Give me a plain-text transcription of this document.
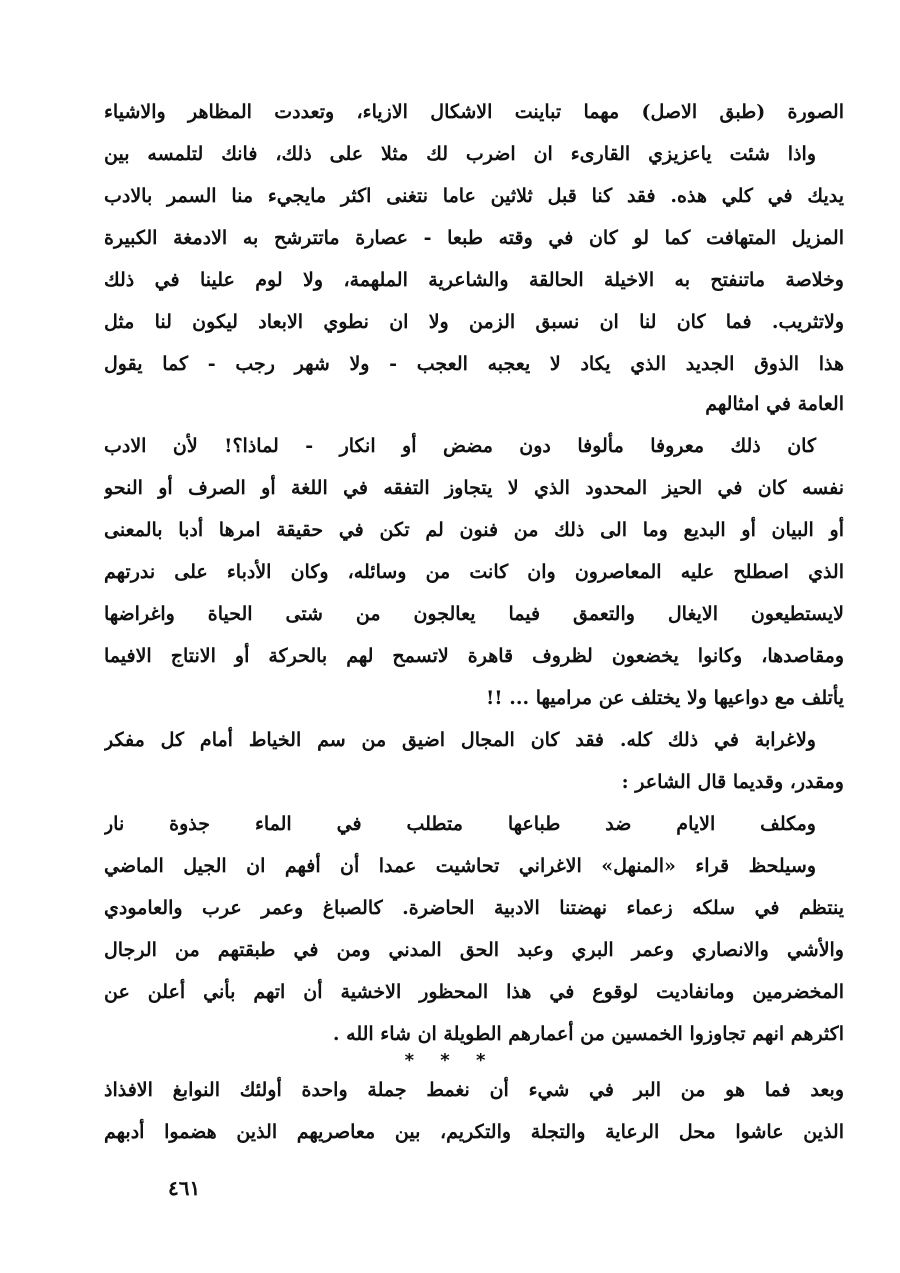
الصورة (طبق الاصل) مهما تباينت الاشكال الازياء، وتعددت المظاهر والاشياء
واذا شئت ياعزيزي القارىء ان اضرب لك مثلا على ذلك، فانك لتلمسه بين
يديك في كلي هذه. فقد كنا قبل ثلاثين عاما نتغنى اكثر مايجيء منا السمر بالادب
المزيل المتهافت كما لو كان في وقته طبعا - عصارة ماتترشح به الادمغة الكبيرة
وخلاصة ماتنفتح به الاخيلة الحالقة والشاعرية الملهمة، ولا لوم علينا في ذلك
ولاتثريب. فما كان لنا ان نسبق الزمن ولا ان نطوي الابعاد ليكون لنا مثل
هذا الذوق الجديد الذي يكاد لا يعجبه العجب - ولا شهر رجب - كما يقول
العامة في امثالهم
كان ذلك معروفا مألوفا دون مضض أو انكار - لماذا؟! لأن الادب
نفسه كان في الحيز المحدود الذي لا يتجاوز التفقه في اللغة أو الصرف أو النحو
أو البيان أو البديع وما الى ذلك من فنون لم تكن في حقيقة امرها أدبا بالمعنى
الذي اصطلح عليه المعاصرون وان كانت من وسائله، وكان الأدباء على ندرتهم
لايستطيعون الايغال والتعمق فيما يعالجون من شتى الحياة واغراضها
ومقاصدها، وكانوا يخضعون لظروف قاهرة لاتسمح لهم بالحركة أو الانتاج الافيما
يأتلف مع دواعيها ولا يختلف عن مراميها ... !!
ولاغرابة في ذلك كله. فقد كان المجال اضيق من سم الخياط أمام كل مفكر
ومقدر، وقديما قال الشاعر :
ومكلف الايام ضد طباعها متطلب في الماء جذوة نار
وسيلحظ قراء «المنهل» الاغراني تحاشيت عمدا أن أفهم ان الجيل الماضي
ينتظم في سلكه زعماء نهضتنا الادبية الحاضرة. كالصباغ وعمر عرب والعامودي
والأشي والانصاري وعمر البري وعبد الحق المدني ومن في طبقتهم من الرجال
المخضرمين ومانفاديت لوقوع في هذا المحظور الاخشية أن اتهم بأني أعلن عن
اكثرهم انهم تجاوزوا الخمسين من أعمارهم الطويلة ان شاء الله .
وبعد فما هو من البر في شيء أن نغمط جملة واحدة أولئك النوابغ الافذاذ
الذين عاشوا محل الرعاية والتجلة والتكريم، بين معاصريهم الذين هضموا أدبهم
* * *
٤٦١
